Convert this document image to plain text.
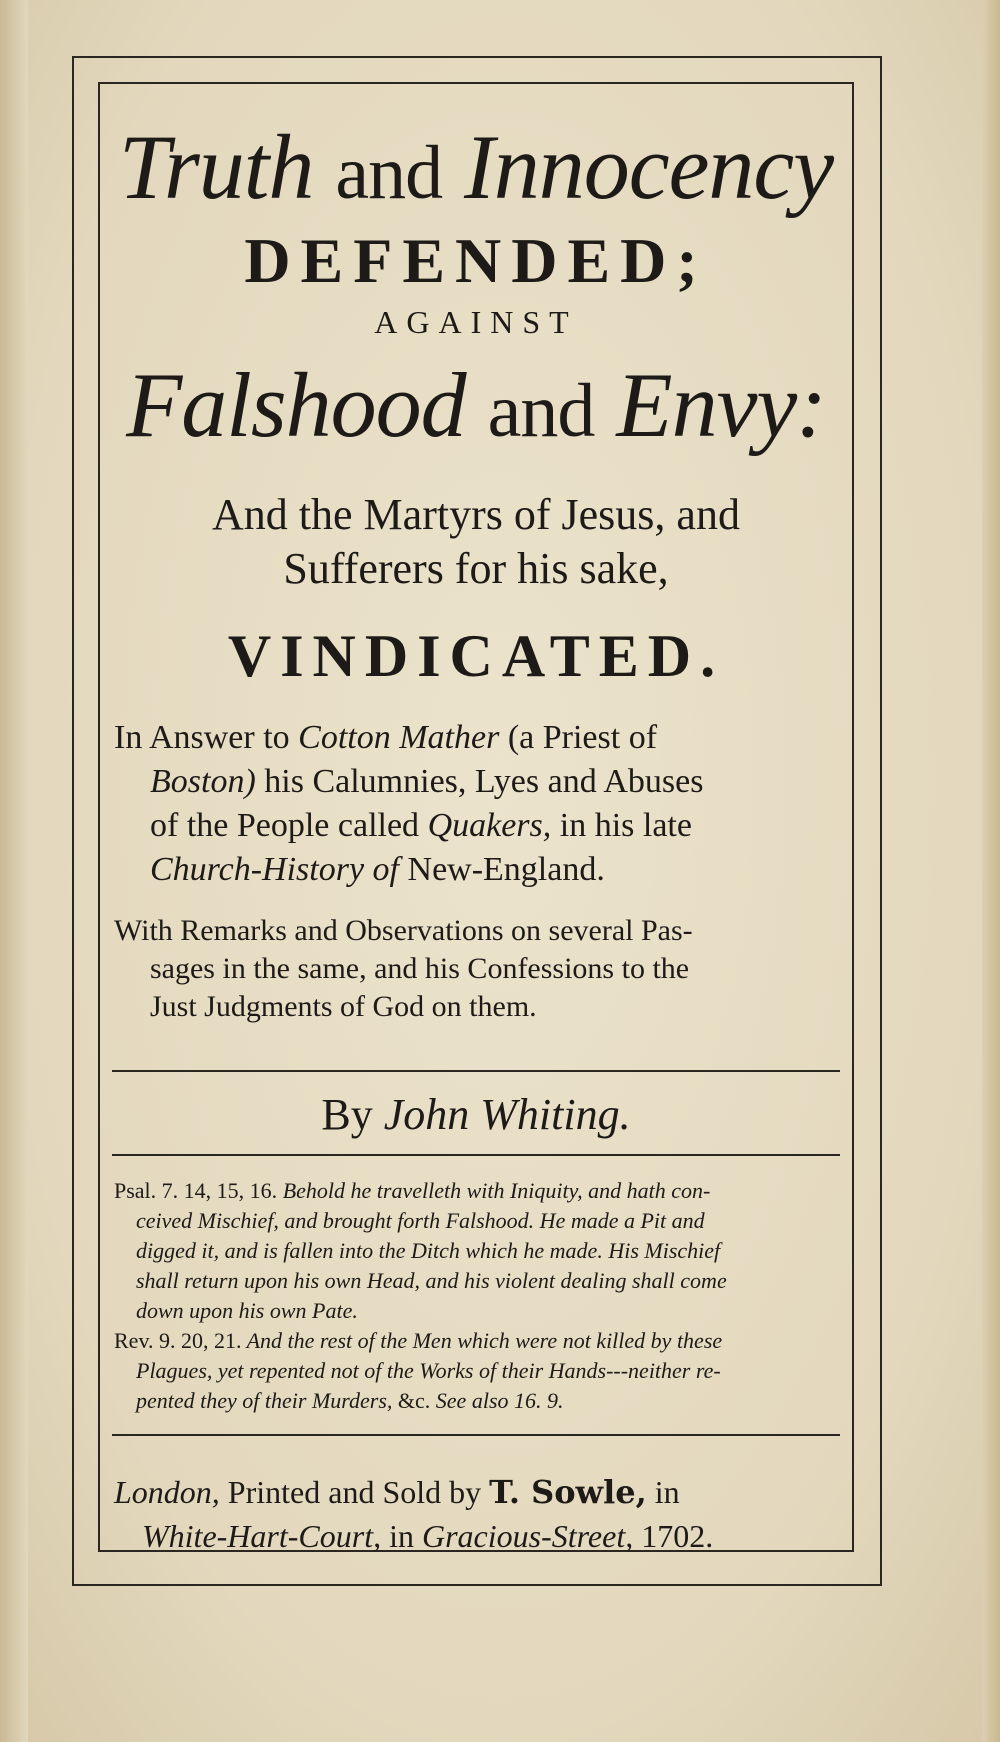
Truth and Innocency
DEFENDED;
AGAINST
Falshood and Envy:
And the Martyrs of Jesus, and
Sufferers for his sake,
VINDICATED.
In Answer to Cotton Mather (a Priest of
Boston) his Calumnies, Lyes and Abuses
of the People called Quakers, in his late
Church-History of New-England.
With Remarks and Observations on several Pas-
sages in the same, and his Confessions to the
Just Judgments of God on them.
By John Whiting.
Psal. 7. 14, 15, 16. Behold he travelleth with Iniquity, and hath con-
ceived Mischief, and brought forth Falshood. He made a Pit and
digged it, and is fallen into the Ditch which he made. His Mischief
shall return upon his own Head, and his violent dealing shall come
down upon his own Pate.
Rev. 9. 20, 21. And the rest of the Men which were not killed by these
Plagues, yet repented not of the Works of their Hands---neither re-
pented they of their Murders, &c. See also 16. 9.
London, Printed and Sold by T. Sowle, in
White-Hart-Court, in Gracious-Street, 1702.
